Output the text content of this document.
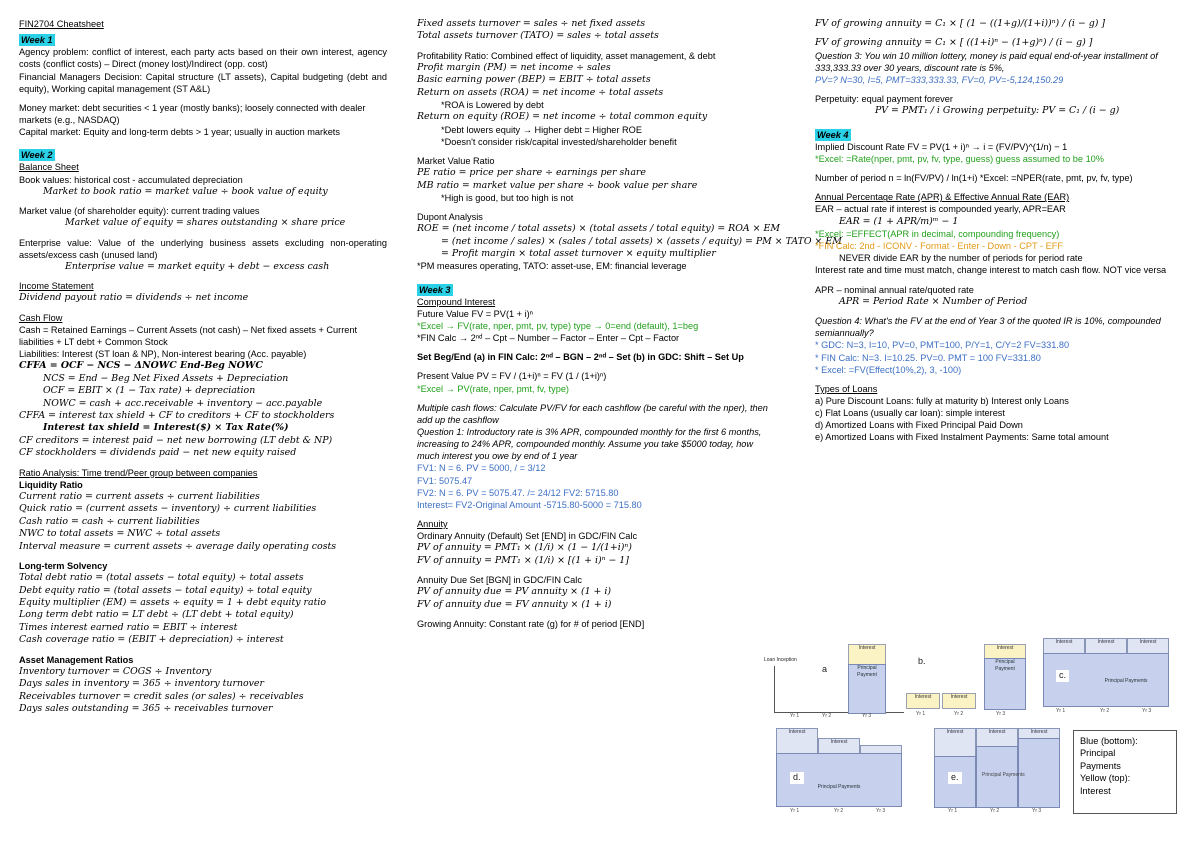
FIN2704 Cheatsheet
Week 1
Agency problem: conflict of interest, each party acts based on their own interest, agency costs (conflict costs) – Direct (money lost)/Indirect (opp. cost)
Financial Managers Decision: Capital structure (LT assets), Capital budgeting (debt and equity), Working capital management (ST A&L)
Money market: debt securities < 1 year (mostly banks); loosely connected with dealer markets (e.g., NASDAQ)
Capital market: Equity and long-term debts > 1 year; usually in auction markets
Week 2
Balance Sheet
Book values: historical cost - accumulated depreciation
Market to book ratio = market value ÷ book value of equity
Market value (of shareholder equity): current trading values
Market value of equity = shares outstanding × share price
Enterprise value: Value of the underlying business assets excluding non-operating assets/excess cash (unused land)
Enterprise value = market equity + debt − excess cash
Income Statement
Dividend payout ratio = dividends ÷ net income
Cash Flow
Cash = Retained Earnings – Current Assets (not cash) – Net fixed assets + Current liabilities + LT debt + Common Stock
Liabilities: Interest (ST loan & NP), Non-interest bearing (Acc. payable)
CFFA = OCF − NCS − ΔNOWC End-Beg NOWC
NCS = End − Beg Net Fixed Assets + Depreciation
OCF = EBIT × (1 − Tax rate) + depreciation
NOWC = cash + acc.receivable + inventory − acc.payable
CFFA = interest tax shield + CF to creditors + CF to stockholders
Interest tax shield = Interest($) × Tax Rate(%)
CF creditors = interest paid − net new borrowing (LT debt & NP)
CF stockholders = dividends paid − net new equity raised
Ratio Analysis: Time trend/Peer group between companies
Liquidity Ratio
Current ratio = current assets ÷ current liabilities
Quick ratio = (current assets − inventory) ÷ current liabilities
Cash ratio = cash ÷ current liabilities
NWC to total assets = NWC ÷ total assets
Interval measure = current assets ÷ average daily operating costs
Long-term Solvency
Total debt ratio = (total assets − total equity) ÷ total assets
Debt equity ratio = (total assets − total equity) ÷ total equity
Equity multiplier (EM) = assets ÷ equity = 1 + debt equity ratio
Long term debt ratio = LT debt ÷ (LT debt + total equity)
Times interest earned ratio = EBIT ÷ interest
Cash coverage ratio = (EBIT + depreciation) ÷ interest
Asset Management Ratios
Inventory turnover = COGS ÷ Inventory
Days sales in inventory = 365 ÷ inventory turnover
Receivables turnover = credit sales (or sales) ÷ receivables
Days sales outstanding = 365 ÷ receivables turnover
Fixed assets turnover = sales ÷ net fixed assets
Total assets turnover (TATO) = sales ÷ total assets
Profitability Ratio: Combined effect of liquidity, asset management, & debt
Profit margin (PM) = net income ÷ sales
Basic earning power (BEP) = EBIT ÷ total assets
Return on assets (ROA) = net income ÷ total assets
*ROA is Lowered by debt
Return on equity (ROE) = net income ÷ total common equity
*Debt lowers equity → Higher debt = Higher ROE
*Doesn't consider risk/capital invested/shareholder benefit
Market Value Ratio
PE ratio = price per share ÷ earnings per share
MB ratio = market value per share ÷ book value per share
*High is good, but too high is not
Dupont Analysis
ROE = (net income / total assets) × (total assets / total equity) = ROA × EM
= (net income / sales) × (sales / total assets) × (assets / equity) = PM × TATO × EM
= Profit margin × total asset turnover × equity multiplier
*PM measures operating, TATO: asset-use, EM: financial leverage
Week 3
Compound Interest
Future Value FV = PV(1 + i)ⁿ
*Excel → FV(rate, nper, pmt, pv, type) type → 0=end (default), 1=beg
*FIN Calc → 2ⁿᵈ – Cpt – Number – Factor – Enter – Cpt – Factor
Set Beg/End (a) in FIN Calc: 2ⁿᵈ – BGN – 2ⁿᵈ – Set (b) in GDC: Shift – Set Up
Present Value PV = FV / (1+i)ⁿ = FV (1 / (1+i)ⁿ)
*Excel → PV(rate, nper, pmt, fv, type)
Multiple cash flows: Calculate PV/FV for each cashflow (be careful with the nper), then add up the cashflow
Question 1: Introductory rate is 3% APR, compounded monthly for the first 6 months, increasing to 24% APR, compounded monthly. Assume you take $5000 today, how much interest you owe by end of 1 year
FV1: N = 6. PV = 5000, / = 3/12
FV1: 5075.47
FV2: N = 6. PV = 5075.47. /= 24/12 FV2: 5715.80
Interest= FV2-Original Amount -5715.80-5000 = 715.80
Annuity
Ordinary Annuity (Default) Set [END] in GDC/FIN Calc
PV of annuity = PMT₁ × (1/i) × (1 − 1/(1+i)ⁿ)
FV of annuity = PMT₁ × (1/i) × [(1 + i)ⁿ − 1]
Annuity Due Set [BGN] in GDC/FIN Calc
PV of annuity due = PV annuity × (1 + i)
FV of annuity due = FV annuity × (1 + i)
Growing Annuity: Constant rate (g) for # of period [END]
FV of growing annuity = C₁ × [ (1 − ((1+g)/(1+i))ⁿ) / (i − g) ]
FV of growing annuity = C₁ × [ ((1+i)ⁿ − (1+g)ⁿ) / (i − g) ]
Question 3: You win 10 million lottery, money is paid equal end-of-year installment of 333,333.33 over 30 years, discount rate is 5%,
PV=? N=30, I=5, PMT=333,333.33, FV=0, PV=-5,124,150.29
Perpetuity: equal payment forever
PV = PMT₁ / i Growing perpetuity: PV = C₁ / (i − g)
Week 4
Implied Discount Rate FV = PV(1 + i)ⁿ → i = (FV/PV)^(1/n) − 1
*Excel: =Rate(nper, pmt, pv, fv, type, guess) guess assumed to be 10%
Number of period n = ln(FV/PV) / ln(1+i) *Excel: =NPER(rate, pmt, pv, fv, type)
Annual Percentage Rate (APR) & Effective Annual Rate (EAR)
EAR – actual rate if interest is compounded yearly, APR=EAR
EAR = (1 + APR/m)ᵐ − 1
*Excel: =EFFECT(APR in decimal, compounding frequency)
*FIN Calc: 2nd - ICONV - Format - Enter - Down - CPT - EFF
NEVER divide EAR by the number of periods for period rate
Interest rate and time must match, change interest to match cash flow. NOT vice versa
APR – nominal annual rate/quoted rate
APR = Period Rate × Number of Period
Question 4: What's the FV at the end of Year 3 of the quoted IR is 10%, compounded semiannually?
* GDC: N=3, I=10, PV=0, PMT=100, P/Y=1, C/Y=2 FV=331.80
* FIN Calc: N=3. I=10.25. PV=0. PMT = 100 FV=331.80
* Excel: =FV(Effect(10%,2), 3, -100)
Types of Loans
a) Pure Discount Loans: fully at maturity b) Interest only Loans
c) Flat Loans (usually car loan): simple interest
d) Amortized Loans with Fixed Principal Paid Down
e) Amortized Loans with Fixed Instalment Payments: Same total amount
Loan Inception
a
Interest
Principal Payment
Yr 1	Yr 2	Yr 3
b.
Interest	Interest
Interest
Principal Payment
Yr 1	Yr 2	Yr 3
Interest	Interest	Interest
Principal Payments
c.
Yr 1	Yr 2	Yr 3
Interest
Interest
Principal Payments
d.
Yr 1	Yr 2	Yr 3
Interest	Interest	Interest
Principal Payments
e.
Yr 1	Yr 2	Yr 3
Blue (bottom):
Principal
Payments
Yellow (top):
Interest
